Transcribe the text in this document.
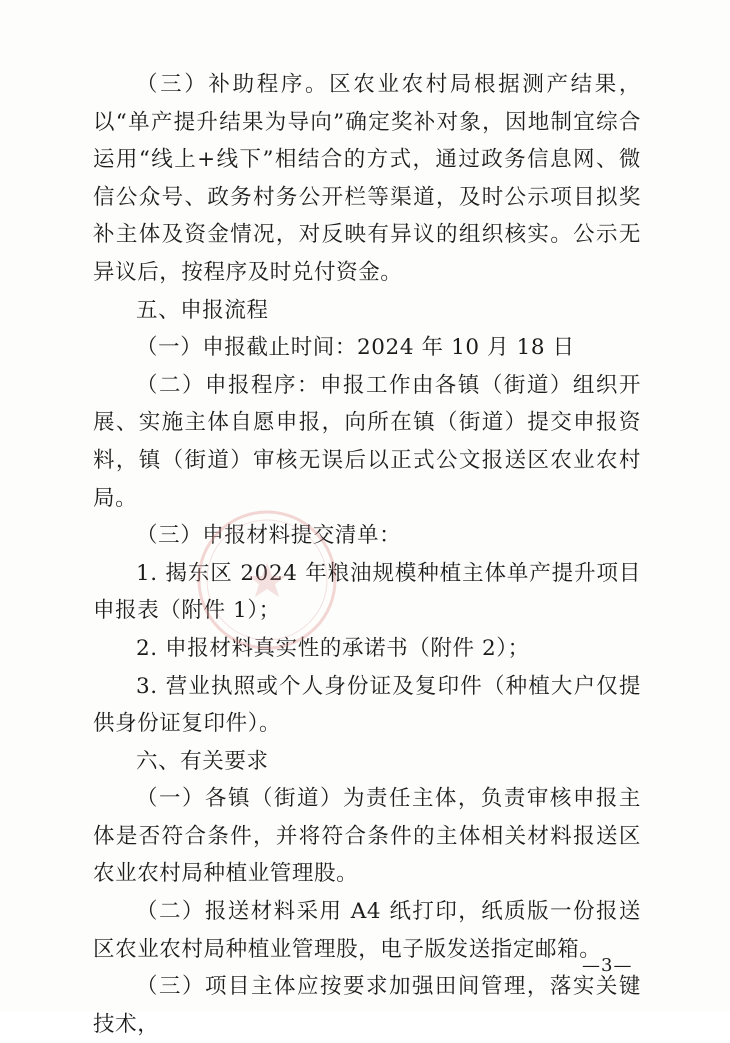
（三）补助程序。区农业农村局根据测产结果，以“单产提升结果为导向”确定奖补对象，因地制宜综合运用“线上+线下”相结合的方式，通过政务信息网、微信公众号、政务村务公开栏等渠道，及时公示项目拟奖补主体及资金情况，对反映有异议的组织核实。公示无异议后，按程序及时兑付资金。

五、申报流程

（一）申报截止时间：2024 年 10 月 18 日

（二）申报程序：申报工作由各镇（街道）组织开展、实施主体自愿申报，向所在镇（街道）提交申报资料，镇（街道）审核无误后以正式公文报送区农业农村局。

（三）申报材料提交清单：

1. 揭东区 2024 年粮油规模种植主体单产提升项目申报表（附件 1）；

2. 申报材料真实性的承诺书（附件 2）；

3. 营业执照或个人身份证及复印件（种植大户仅提供身份证复印件）。

六、有关要求

（一）各镇（街道）为责任主体，负责审核申报主体是否符合条件，并将符合条件的主体相关材料报送区农业农村局种植业管理股。

（二）报送材料采用 A4 纸打印，纸质版一份报送区农业农村局种植业管理股，电子版发送指定邮箱。

（三）项目主体应按要求加强田间管理，落实关键技术，

—3—
